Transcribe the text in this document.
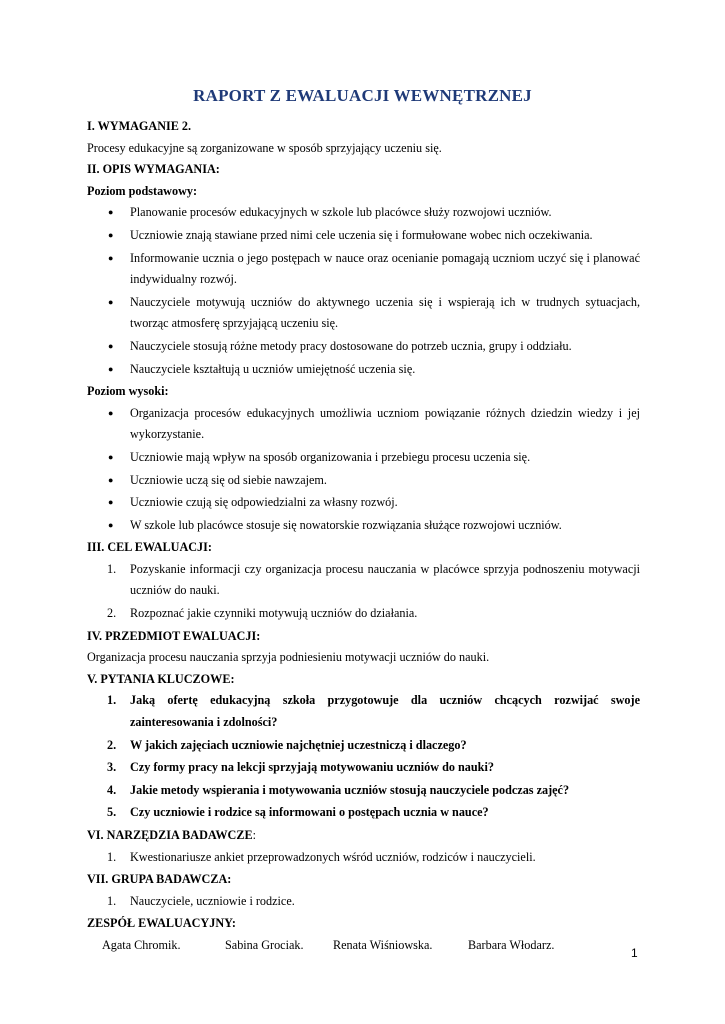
RAPORT Z EWALUACJI WEWNĘTRZNEJ

I. WYMAGANIE 2.

Procesy edukacyjne są zorganizowane w sposób sprzyjający uczeniu się.

II. OPIS WYMAGANIA:

Poziom podstawowy:

●	Planowanie procesów edukacyjnych w szkole lub placówce służy rozwojowi uczniów.
●	Uczniowie znają stawiane przed nimi cele uczenia się i formułowane wobec nich oczekiwania.
●	Informowanie ucznia o jego postępach w nauce oraz ocenianie pomagają uczniom uczyć się i planować indywidualny rozwój.
●	Nauczyciele motywują uczniów do aktywnego uczenia się i wspierają ich w trudnych sytuacjach, tworząc atmosferę sprzyjającą uczeniu się.
●	Nauczyciele stosują różne metody pracy dostosowane do potrzeb ucznia, grupy i oddziału.
●	Nauczyciele kształtują u uczniów umiejętność uczenia się.

Poziom wysoki:

●	Organizacja procesów edukacyjnych umożliwia uczniom powiązanie różnych dziedzin wiedzy i jej wykorzystanie.
●	Uczniowie mają wpływ na sposób organizowania i przebiegu procesu uczenia się.
●	Uczniowie uczą się od siebie nawzajem.
●	Uczniowie czują się odpowiedzialni za własny rozwój.
●	W szkole lub placówce stosuje się nowatorskie rozwiązania służące rozwojowi uczniów.

III. CEL EWALUACJI:

1.	Pozyskanie informacji czy organizacja procesu nauczania w placówce sprzyja podnoszeniu motywacji uczniów do nauki.
2.	Rozpoznać jakie czynniki motywują uczniów do działania.

IV. PRZEDMIOT EWALUACJI:

Organizacja procesu nauczania sprzyja podniesieniu motywacji uczniów do nauki.

V. PYTANIA KLUCZOWE:

1.	Jaką ofertę edukacyjną szkoła przygotowuje dla uczniów chcących rozwijać swoje zainteresowania i zdolności?
2.	W jakich zajęciach uczniowie najchętniej uczestniczą i dlaczego?
3.	Czy formy pracy na lekcji sprzyjają motywowaniu uczniów do nauki?
4.	Jakie metody wspierania i motywowania uczniów stosują nauczyciele podczas zajęć?
5.	Czy uczniowie i rodzice są informowani o postępach ucznia w nauce?

VI. NARZĘDZIA BADAWCZE:

1.	Kwestionariusze ankiet przeprowadzonych wśród uczniów, rodziców i nauczycieli.

VII. GRUPA BADAWCZA:

1.	Nauczyciele, uczniowie i rodzice.

ZESPÓŁ EWALUACYJNY:

Agata Chromik.	Sabina Grociak. Renata Wiśniowska.	Barbara Włodarz.
1
